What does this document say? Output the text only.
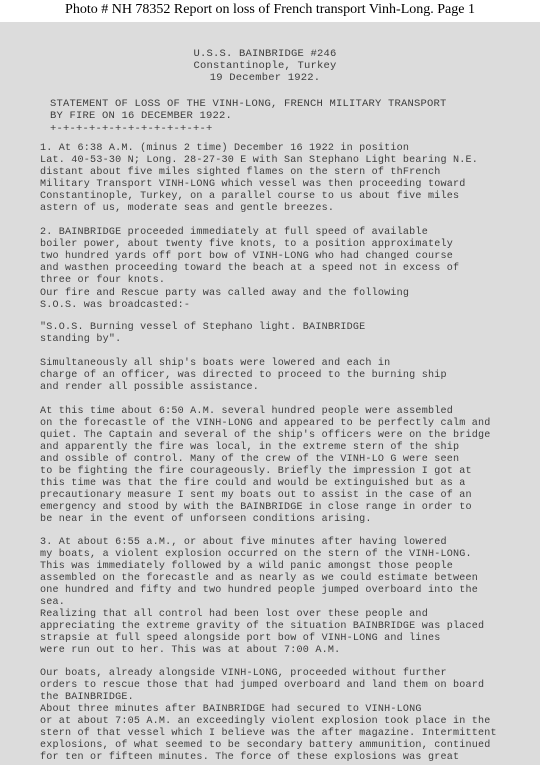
Photo # NH 78352 Report on loss of French transport Vinh-Long. Page 1
U.S.S. BAINBRIDGE #246
Constantinople, Turkey
19 December 1922.
STATEMENT OF LOSS OF THE VINH-LONG, FRENCH MILITARY TRANSPORT
BY FIRE ON 16 DECEMBER 1922.
+-+-+-+-+-+-+-+-+-+-+-+-+
1. At 6:38 A.M. (minus 2 time) December 16 1922 in position
Lat. 40-53-30 N; Long. 28-27-30 E with San Stephano Light bearing N.E.
distant about five miles sighted flames on the stern of thFrench
Military Transport VINH-LONG which vessel was then proceeding toward
Constantinople, Turkey, on a parallel course to us about five miles
astern of us, moderate seas and gentle breezes.
2. BAINBRIDGE proceeded immediately at full speed of available
boiler power, about twenty five knots, to a position approximately
two hundred yards off port bow of VINH-LONG who had changed course
and wasthen proceeding toward the beach at a speed not in excess of
three or four knots.
Our fire and Rescue party was called away and the following
S.O.S. was broadcasted:-
"S.O.S. Burning vessel of Stephano light. BAINBRIDGE
standing by".
Simultaneously all ship's boats were lowered and each in
charge of an officer, was directed to proceed to the burning ship
and render all possible assistance.
At this time about 6:50 A.M. several hundred people were assembled
on the forecastle of the VINH-LONG and appeared to be perfectly calm and
quiet. The Captain and several of the ship's officers were on the bridge
and apparently the fire was local, in the extreme stern of the ship
and ossible of control. Many of the crew of the VINH-LO G were seen
to be fighting the fire courageously. Briefly the impression I got at
this time was that the fire could and would be extinguished but as a
precautionary measure I sent my boats out to assist in the case of an
emergency and stood by with the BAINBRIDGE in close range in order to
be near in the event of unforseen conditions arising.
3. At about 6:55 a.M., or about five minutes after having lowered
my boats, a violent explosion occurred on the stern of the VINH-LONG.
This was immediately followed by a wild panic amongst those people
assembled on the forecastle and as nearly as we could estimate between
one hundred and fifty and two hundred people jumped overboard into the
sea.
Realizing that all control had been lost over these people and
appreciating the extreme gravity of the situation BAINBRIDGE was placed
strapsie at full speed alongside port bow of VINH-LONG and lines
were run out to her. This was at about 7:00 A.M.
Our boats, already alongside VINH-LONG, proceeded without further
orders to rescue those that had jumped overboard and land them on board
the BAINBRIDGE.
About three minutes after BAINBRIDGE had secured to VINH-LONG
or at about 7:05 A.M. an exceedingly violent explosion took place in the
stern of that vessel which I believe was the after magazine. Intermittent
explosions, of what seemed to be secondary battery ammunition, continued
for ten or fifteen minutes. The force of these explosions was great
